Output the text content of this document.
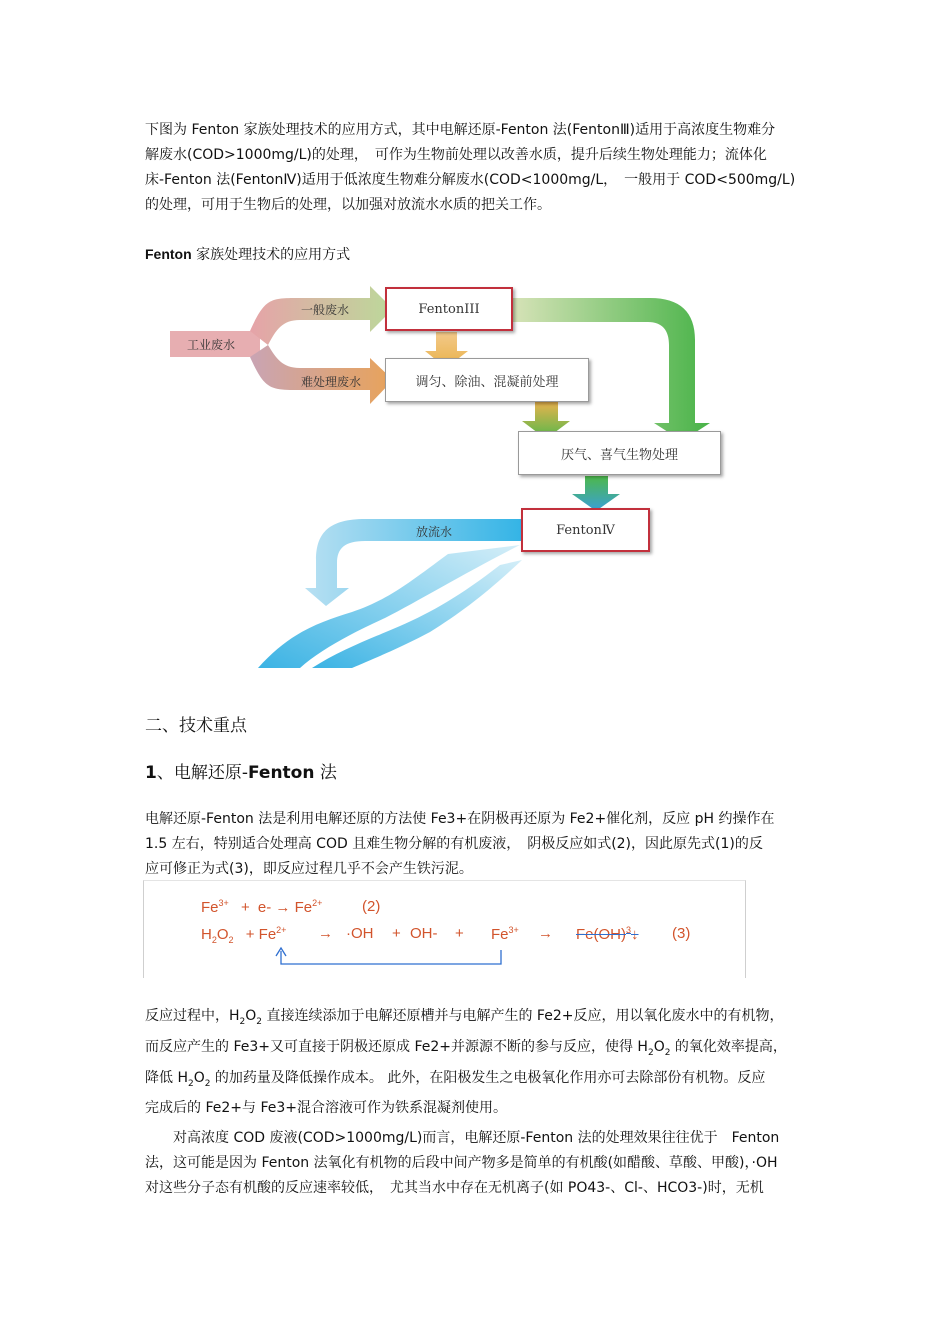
下图为 Fenton 家族处理技术的应用方式，其中电解还原-Fenton 法(FentonⅢ)适用于高浓度生物难分

解废水(COD>1000mg/L)的处理，　可作为生物前处理以改善水质，提升后续生物处理能力；流体化

床-Fenton 法(FentonⅣ)适用于低浓度生物难分解废水(COD<1000mg/L，　一般用于 COD<500mg/L)

的处理，可用于生物后的处理，以加强对放流水水质的把关工作。

Fenton 家族处理技术的应用方式
工业废水
一般废水
难处理废水
FentonIII
调匀、除油、混凝前处理
厌气、喜气生物处理
FentonⅣ
放流水
二、技术重点
1、电解还原-Fenton 法

电解还原-Fenton 法是利用电解还原的方法使 Fe3+在阴极再还原为 Fe2+催化剂，反应 pH 约操作在

1.5 左右，特别适合处理高 COD 且难生物分解的有机废液，　阴极反应如式(2)，因此原先式(1)的反

应可修正为式(3)，即反应过程几乎不会产生铁污泥。

$Fe^{3+} + e- \to Fe^{2+}$	(2)
$H_2O_2 + Fe^{2+} \to \cdot OH + OH- + Fe^{3+}$ → Fe(OH)$^3$↓ (3)

反应过程中，$H_2O_2$ 直接连续添加于电解还原槽并与电解产生的 Fe2+反应，用以氧化废水中的有机物，

而反应产生的 Fe3+又可直接于阴极还原成 Fe2+并源源不断的参与反应，使得 $H_2O_2$ 的氧化效率提高，

降低 $H_2O_2$ 的加药量及降低操作成本。 此外，在阳极发生之电极氧化作用亦可去除部份有机物。反应

完成后的 Fe2+与 Fe3+混合溶液可作为铁系混凝剂使用。

　　对高浓度 COD 废液(COD>1000mg/L)而言，电解还原-Fenton 法的处理效果往往优于　Fenton

法，这可能是因为 Fenton 法氧化有机物的后段中间产物多是简单的有机酸(如醋酸、草酸、甲酸)，·OH

对这些分子态有机酸的反应速率较低，　尤其当水中存在无机离子(如 PO43-、Cl-、HCO3-)时，无机
